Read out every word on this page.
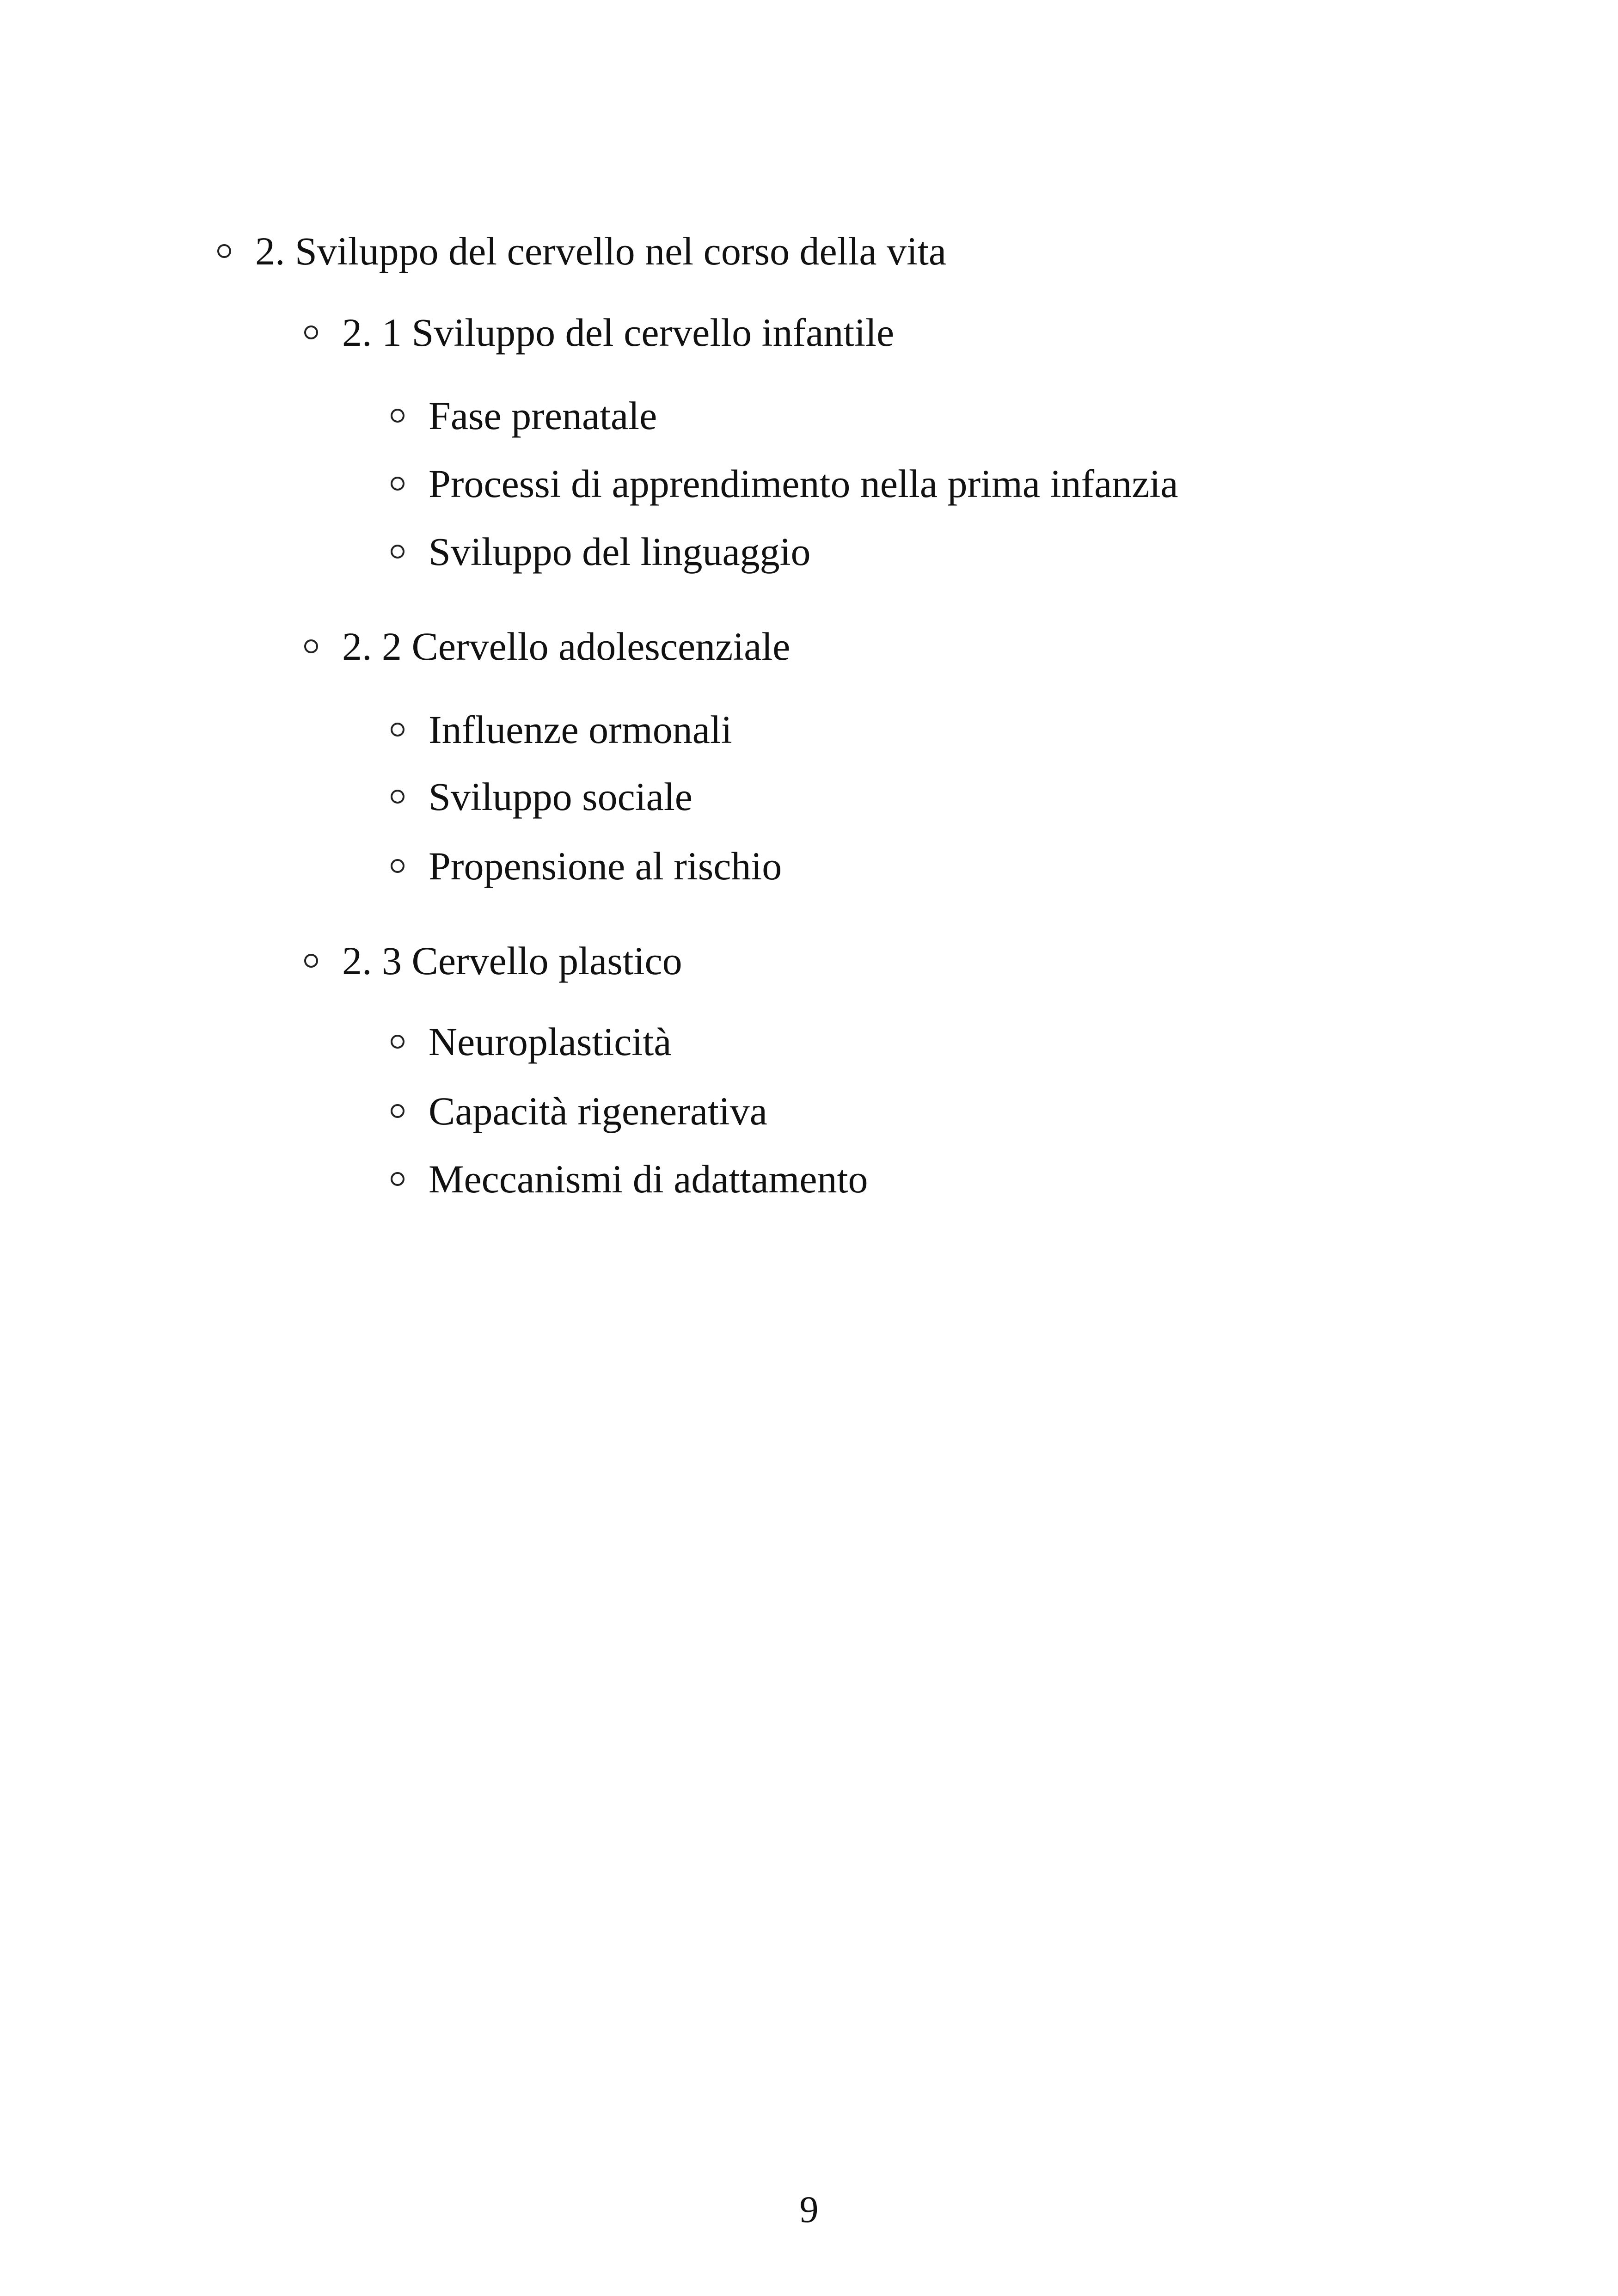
2. Sviluppo del cervello nel corso della vita
2. 1 Sviluppo del cervello infantile
Fase prenatale
Processi di apprendimento nella prima infanzia
Sviluppo del linguaggio
2. 2 Cervello adolescenziale
Influenze ormonali
Sviluppo sociale
Propensione al rischio
2. 3 Cervello plastico
Neuroplasticità
Capacità rigenerativa
Meccanismi di adattamento
9
